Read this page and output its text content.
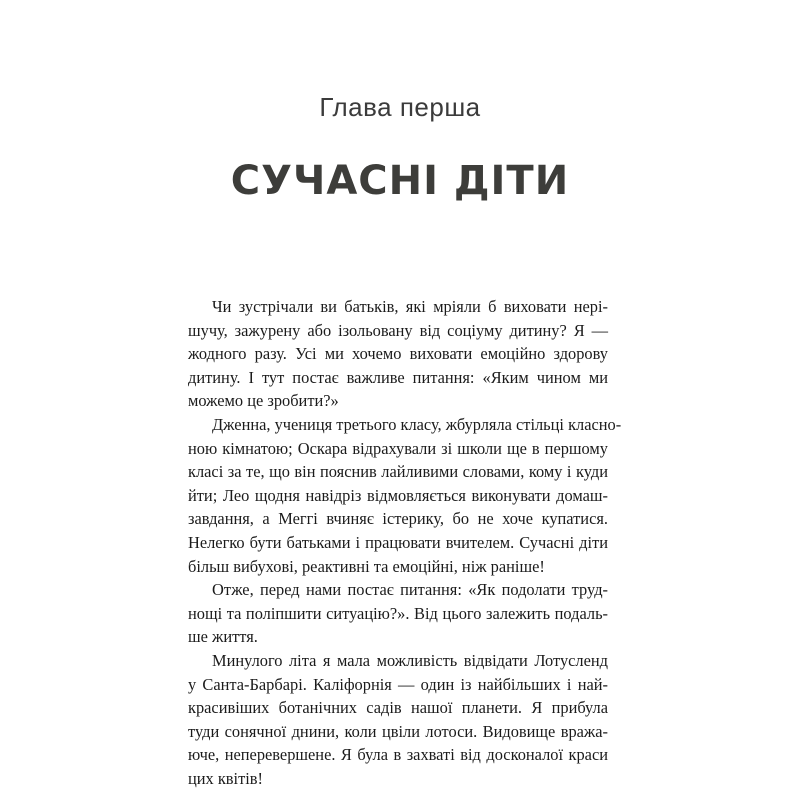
Глава перша
СУЧАСНІ ДІТИ
Чи зустрічали ви батьків, які мріяли б виховати нері-
шучу, зажурену або ізольовану від соціуму дитину? Я —
жодного разу. Усі ми хочемо виховати емоційно здорову
дитину. І тут постає важливе питання: «Яким чином ми
можемо це зробити?»
Дженна, учениця третього класу, жбурляла стільці класно-
ною кімнатою; Оскара відрахували зі школи ще в першому
класі за те, що він пояснив лайливими словами, кому і куди
йти; Лео щодня навідріз відмовляється виконувати домаш-
завдання, а Меггі вчиняє істерику, бо не хоче купатися.
Нелегко бути батьками і працювати вчителем. Сучасні діти
більш вибухові, реактивні та емоційні, ніж раніше!
Отже, перед нами постає питання: «Як подолати труд-
нощі та поліпшити ситуацію?». Від цього залежить подаль-
ше життя.
Минулого літа я мала можливість відвідати Лотусленд
у Санта-Барбарі. Каліфорнія — один із найбільших і най-
красивіших ботанічних садів нашої планети. Я прибула
туди сонячної днини, коли цвіли лотоси. Видовище вража-
юче, неперевершене. Я була в захваті від досконалої краси
цих квітів!
